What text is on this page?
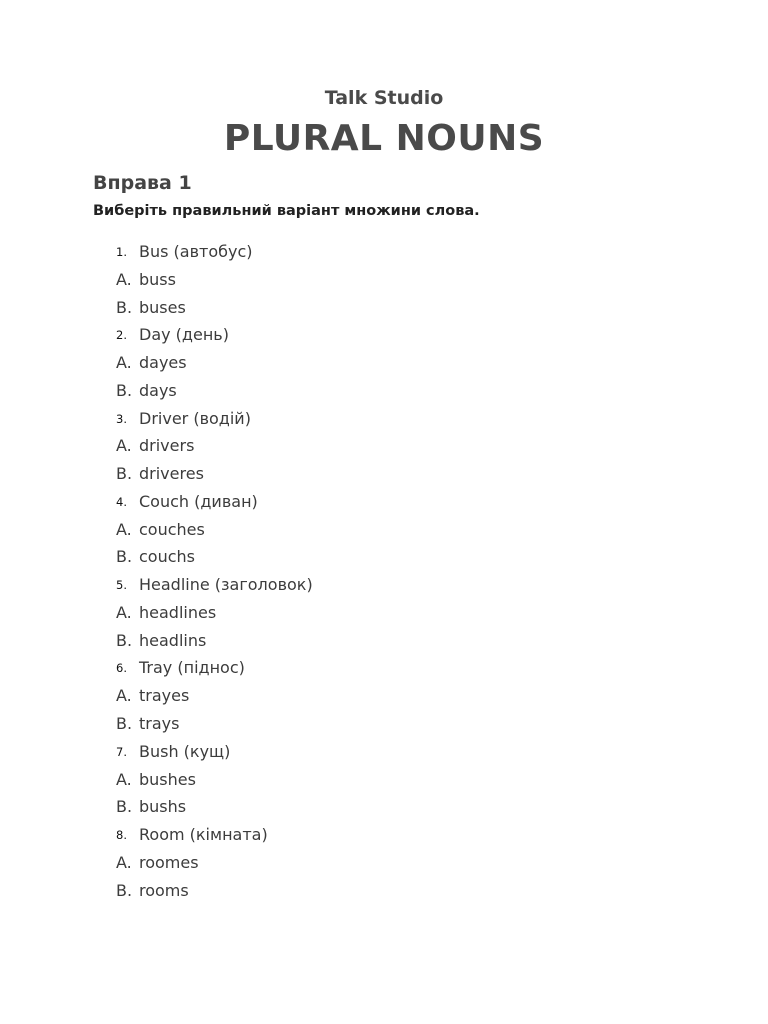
Talk Studio
PLURAL NOUNS
Вправа 1
Виберіть правильний варіант множини слова.
1. Bus (автобус)
A. buss
B. buses
2. Day (день)
A. dayes
B. days
3. Driver (водій)
A. drivers
B. driveres
4. Couch (диван)
A. couches
B. couchs
5. Headline (заголовок)
A. headlines
B. headlins
6. Tray (піднос)
A. trayes
B. trays
7. Bush (кущ)
A. bushes
B. bushs
8. Room (кімната)
A. roomes
B. rooms
